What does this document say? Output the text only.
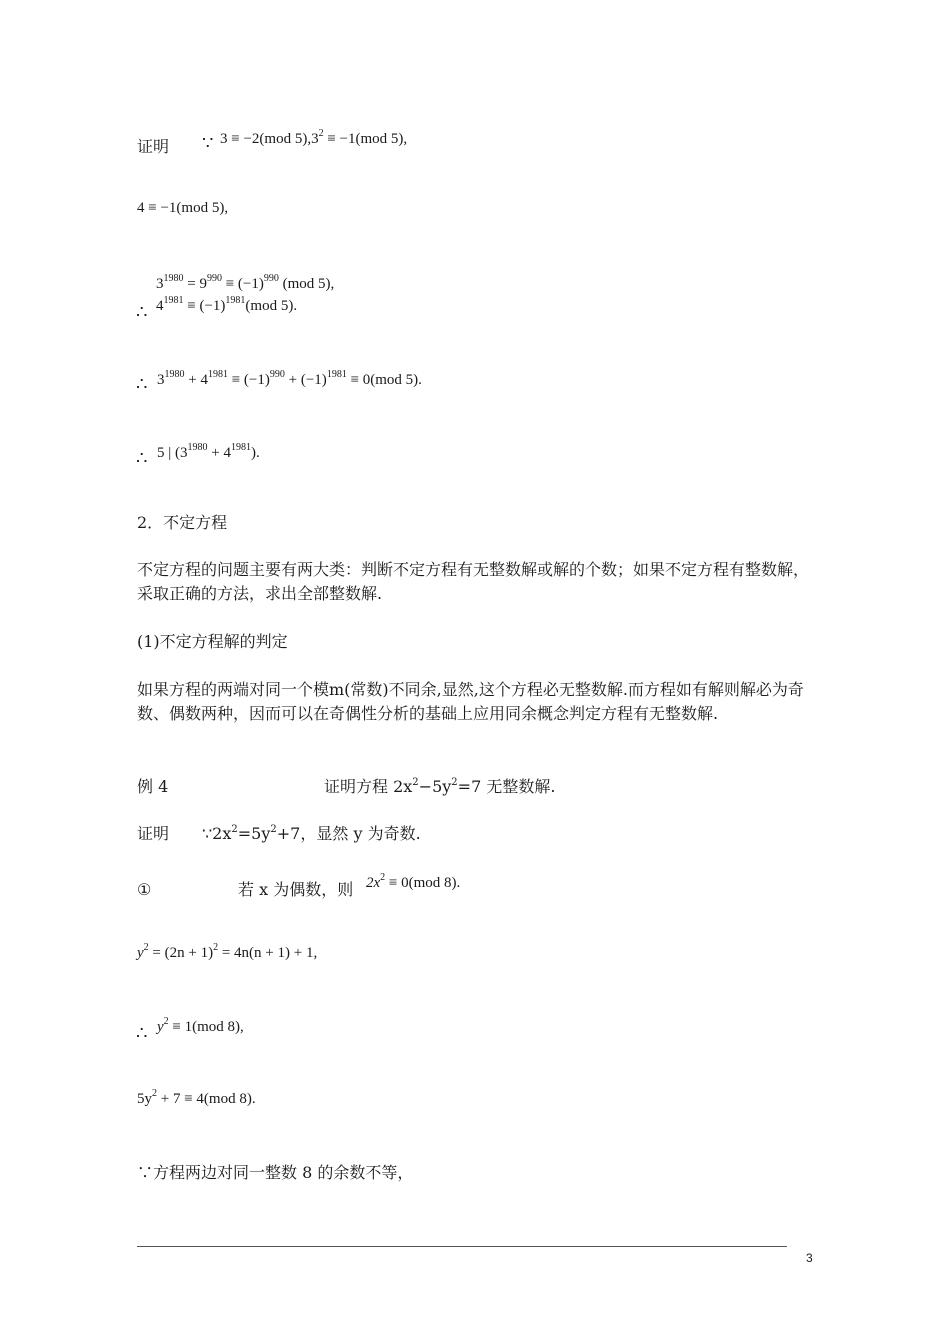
证明 ∵ 3 ≡ −2(mod $5),3^2 \equiv -1(mod$ 5),
4 ≡ −1(mod 5),
$3^{1980} = 9^{990} \equiv (-1)^{990}$ (mod 5),
∴ $4^{1981} \equiv (-1)^{1981}(mod$ 5).
∴ $3^{1980} + 4^{1981} \equiv (-1)^{990} + (-1)^{1981} \equiv 0(mod$ 5).
∴ 5 | $(3^{1980} + 4^{1981})$.
2．不定方程
不定方程的问题主要有两大类：判断不定方程有无整数解或解的个数；如果不定方程有整数解，采取正确的方法，求出全部整数解.
(1)不定方程解的判定
如果方程的两端对同一个模m(常数)不同余,显然,这个方程必无整数解.而方程如有解则解必为奇数、偶数两种，因而可以在奇偶性分析的基础上应用同余概念判定方程有无整数解.
例 4	证明方程 $2x^2-5y^2=7$ 无整数解.
证明 $\because 2x^2=5y^2+7$，显然 y 为奇数.
①	若 x 为偶数，则 $2x^2 \equiv 0(mod$ 8).
$y^2 = (2n + 1)^2 = 4n(n + 1) + 1$,
∴ $y^2 \equiv 1(mod$ 8),
$5y^2 + 7 \equiv 4(mod$ 8).
∵方程两边对同一整数 8 的余数不等，
3
